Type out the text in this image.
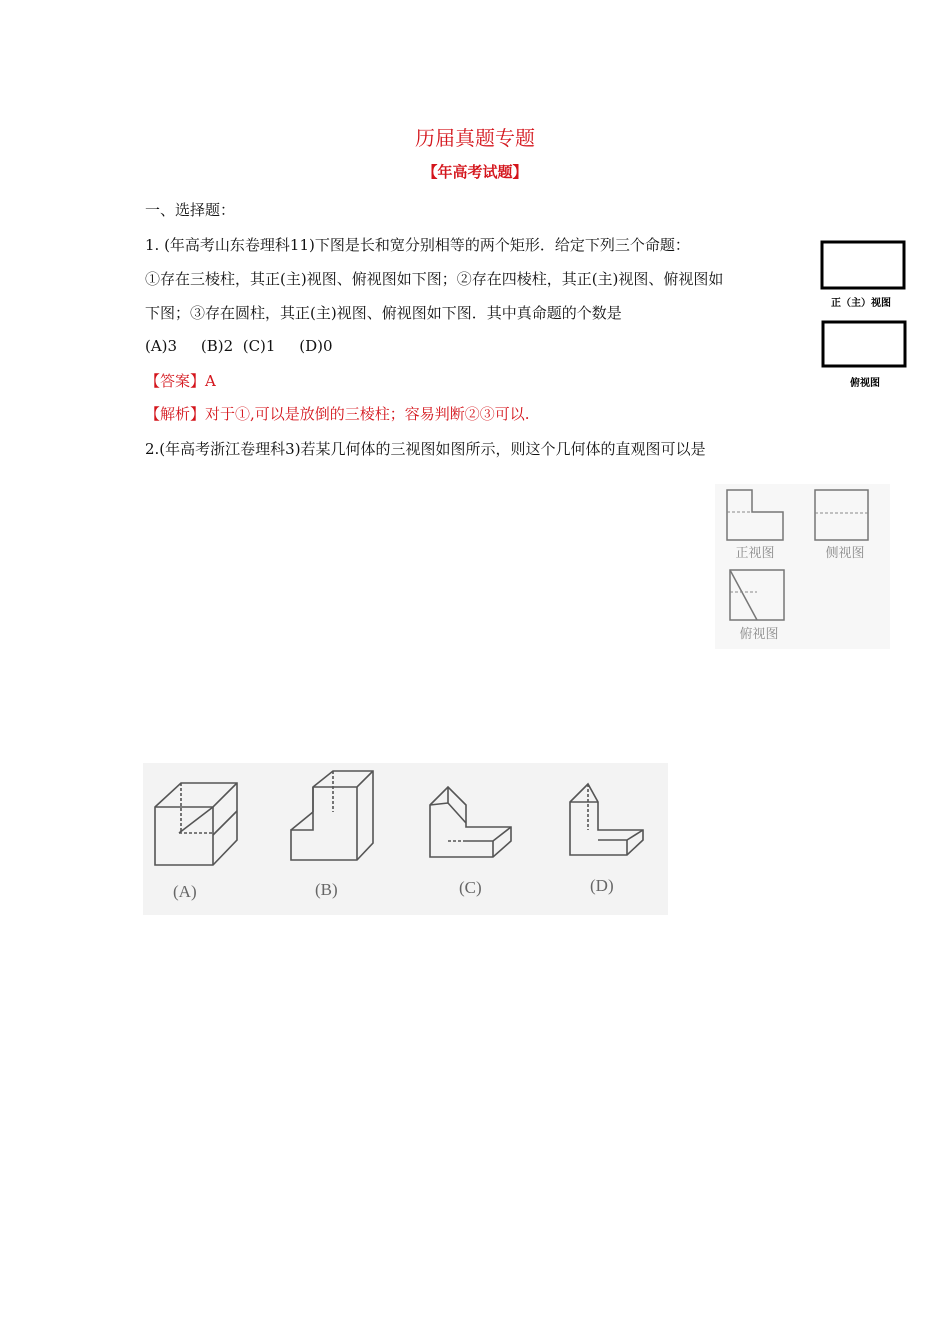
历届真题专题
【年高考试题】
一、选择题：
1. (年高考山东卷理科11)下图是长和宽分别相等的两个矩形．给定下列三个命题：
①存在三棱柱，其正(主)视图、俯视图如下图；②存在四棱柱，其正(主)视图、俯视图如
下图；③存在圆柱，其正(主)视图、俯视图如下图．其中真命题的个数是
(A)3     (B)2  (C)1     (D)0
【答案】A
【解析】对于①,可以是放倒的三棱柱；容易判断②③可以.
正（主）视图
俯视图
2.(年高考浙江卷理科3)若某几何体的三视图如图所示，则这个几何体的直观图可以是
正视图	侧视图
俯视图
(A)	(B)	(C)	(D)
